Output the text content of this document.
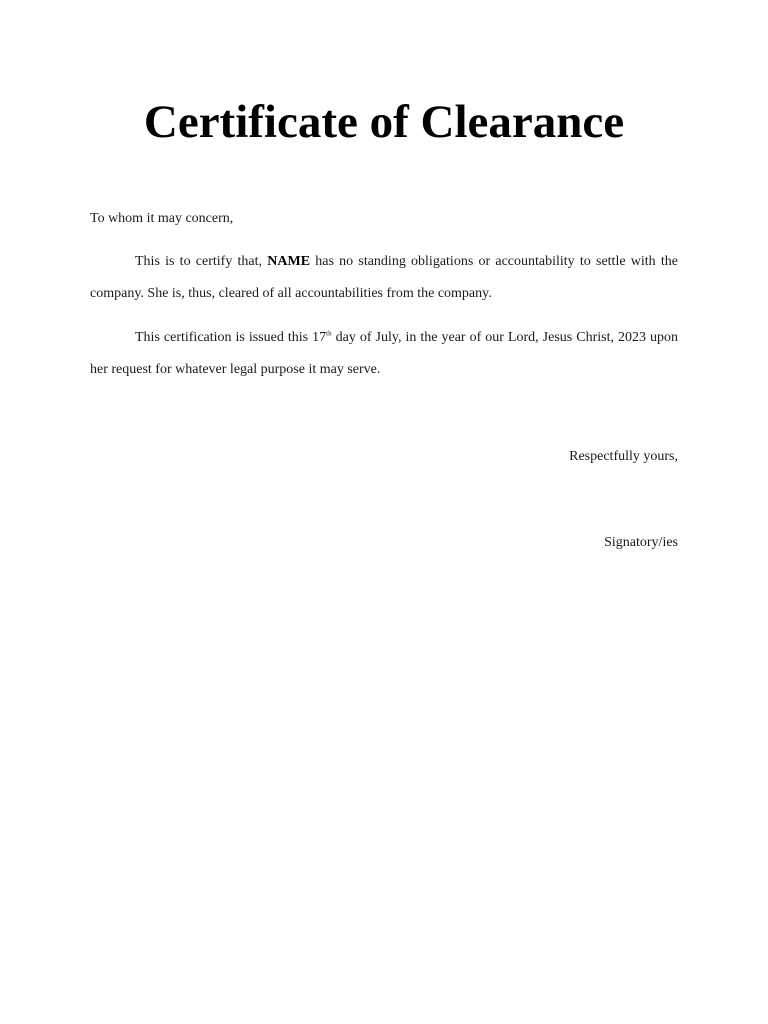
Certificate of Clearance
To whom it may concern,

This is to certify that, NAME has no standing obligations or accountability to settle with the company. She is, thus, cleared of all accountabilities from the company.

This certification is issued this 17th day of July, in the year of our Lord, Jesus Christ, 2023 upon her request for whatever legal purpose it may serve.

Respectfully yours,
Signatory/ies
